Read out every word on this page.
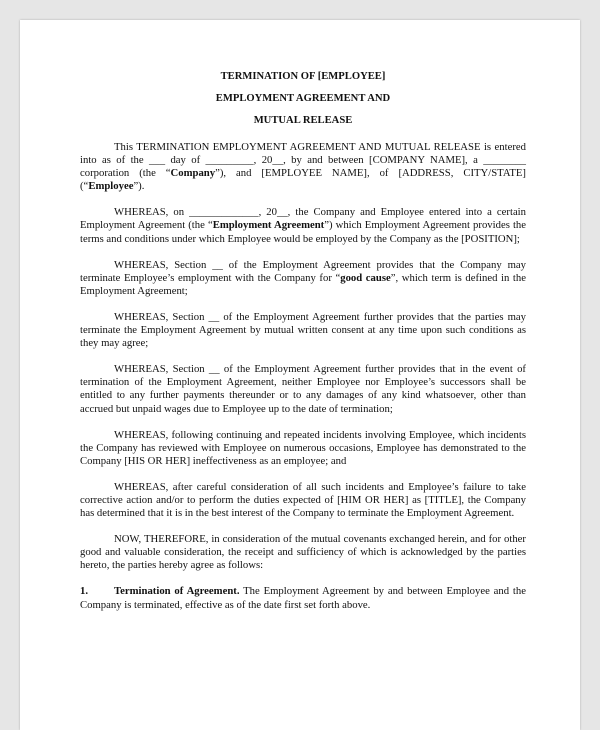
TERMINATION OF [EMPLOYEE]
EMPLOYMENT AGREEMENT AND
MUTUAL RELEASE

This TERMINATION EMPLOYMENT AGREEMENT AND MUTUAL RELEASE is entered into as of the ___ day of _________, 20__, by and between [COMPANY NAME], a ________ corporation (the “Company”), and [EMPLOYEE NAME], of [ADDRESS, CITY/STATE] (“Employee”).

WHEREAS, on _____________, 20__, the Company and Employee entered into a certain Employment Agreement (the “Employment Agreement”) which Employment Agreement provides the terms and conditions under which Employee would be employed by the Company as the [POSITION];

WHEREAS, Section __ of the Employment Agreement provides that the Company may terminate Employee’s employment with the Company for “good cause”, which term is defined in the Employment Agreement;

WHEREAS, Section __ of the Employment Agreement further provides that the parties may terminate the Employment Agreement by mutual written consent at any time upon such conditions as they may agree;

WHEREAS, Section __ of the Employment Agreement further provides that in the event of termination of the Employment Agreement, neither Employee nor Employee’s successors shall be entitled to any further payments thereunder or to any damages of any kind whatsoever, other than accrued but unpaid wages due to Employee up to the date of termination;

WHEREAS, following continuing and repeated incidents involving Employee, which incidents the Company has reviewed with Employee on numerous occasions, Employee has demonstrated to the Company [HIS OR HER] ineffectiveness as an employee; and

WHEREAS, after careful consideration of all such incidents and Employee’s failure to take corrective action and/or to perform the duties expected of [HIM OR HER] as [TITLE], the Company has determined that it is in the best interest of the Company to terminate the Employment Agreement.

NOW, THEREFORE, in consideration of the mutual covenants exchanged herein, and for other good and valuable consideration, the receipt and sufficiency of which is acknowledged by the parties hereto, the parties hereby agree as follows:

1. Termination of Agreement. The Employment Agreement by and between Employee and the Company is terminated, effective as of the date first set forth above.
